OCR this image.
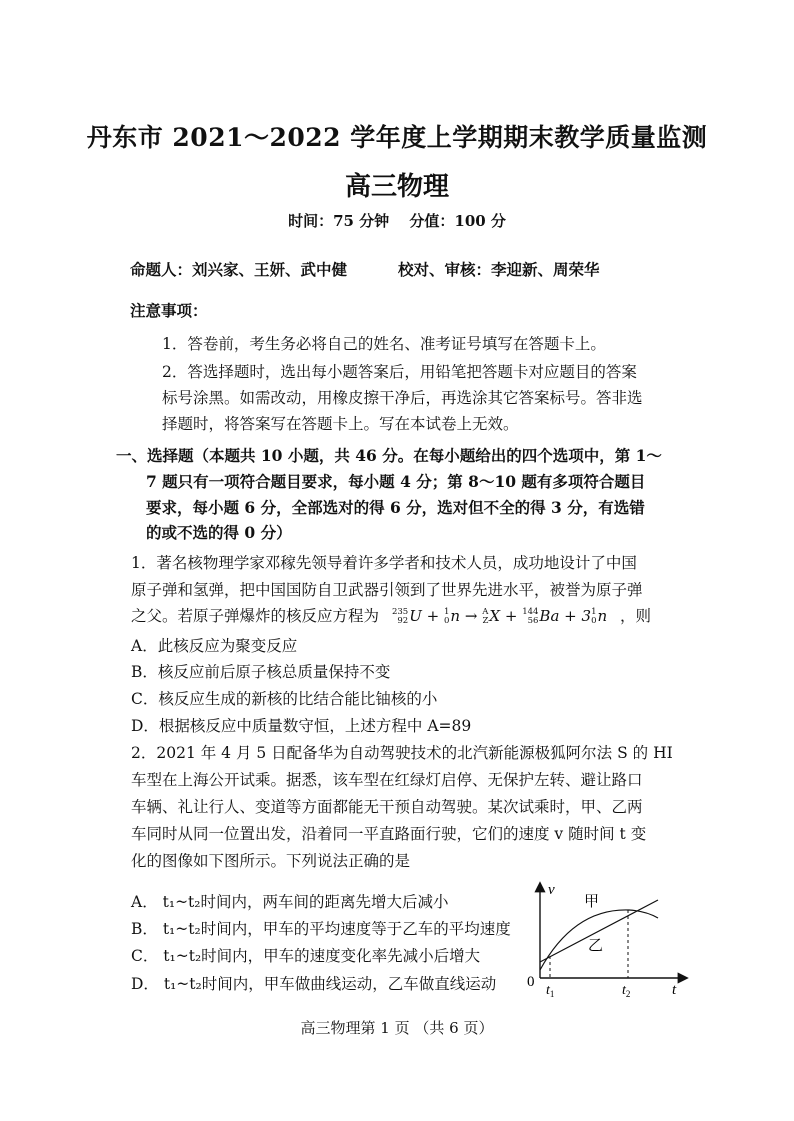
丹东市 2021～2022 学年度上学期期末教学质量监测
高三物理
时间：75 分钟　 分值：100 分
命题人：刘兴家、王妍、武中健	校对、审核：李迎新、周荣华
注意事项：
1．答卷前，考生务必将自己的姓名、准考证号填写在答题卡上。
2．答选择题时，选出每小题答案后，用铅笔把答题卡对应题目的答案
标号涂黑。如需改动，用橡皮擦干净后，再选涂其它答案标号。答非选
择题时，将答案写在答题卡上。写在本试卷上无效。
一、选择题（本题共 10 小题，共 46 分。在每小题给出的四个选项中，第 1～
7 题只有一项符合题目要求，每小题 4 分；第 8～10 题有多项符合题目
要求，每小题 6 分，全部选对的得 6 分，选对但不全的得 3 分，有选错
的或不选的得 0 分）
1．著名核物理学家邓稼先领导着许多学者和技术人员，成功地设计了中国
原子弹和氢弹，把中国国防自卫武器引领到了世界先进水平，被誉为原子弹
之父。若原子弹爆炸的核反应方程为 235
92U + 1
0n → A
ZX + 144
56Ba + 31
0n ，则
A．此核反应为聚变反应
B．核反应前后原子核总质量保持不变
C．核反应生成的新核的比结合能比铀核的小
D．根据核反应中质量数守恒，上述方程中 A=89
2．2021 年 4 月 5 日配备华为自动驾驶技术的北汽新能源极狐阿尔法 S 的 HI
车型在上海公开试乘。据悉，该车型在红绿灯启停、无保护左转、避让路口
车辆、礼让行人、变道等方面都能无干预自动驾驶。某次试乘时，甲、乙两
车同时从同一位置出发，沿着同一平直路面行驶，它们的速度 v 随时间 t 变
化的图像如下图所示。下列说法正确的是
A． t₁~t₂时间内，两车间的距离先增大后减小
B． t₁~t₂时间内，甲车的平均速度等于乙车的平均速度
C． t₁~t₂时间内，甲车的速度变化率先减小后增大
D． t₁~t₂时间内，甲车做曲线运动，乙车做直线运动
v
t
0
$t_1$	$t_2$
甲
乙
高三物理第 1 页 （共 6 页）
